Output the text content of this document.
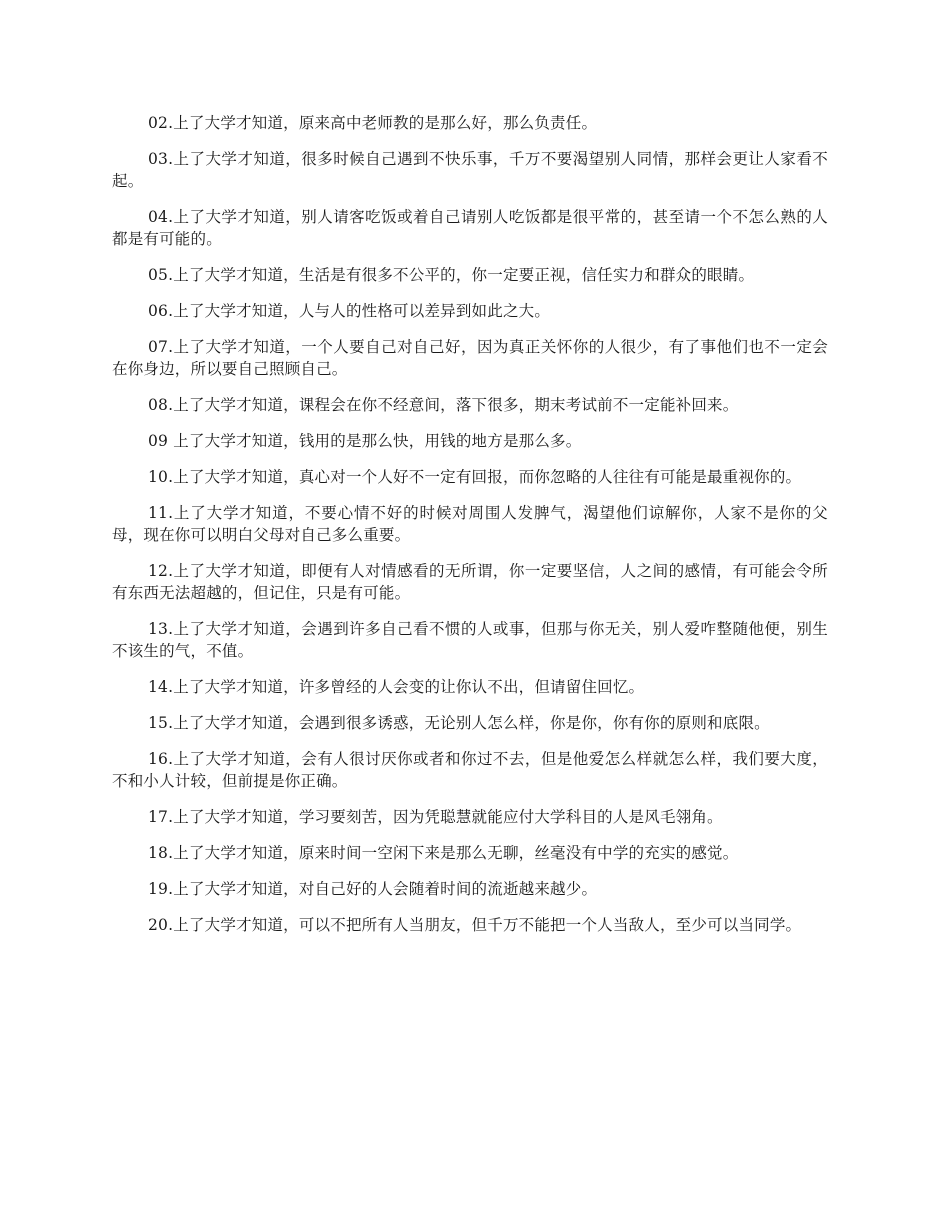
02.上了大学才知道，原来高中老师教的是那么好，那么负责任。

03.上了大学才知道，很多时候自己遇到不快乐事，千万不要渴望别人同情，那样会更让人家看不起。

04.上了大学才知道，别人请客吃饭或着自己请别人吃饭都是很平常的，甚至请一个不怎么熟的人都是有可能的。

05.上了大学才知道，生活是有很多不公平的，你一定要正视，信任实力和群众的眼睛。

06.上了大学才知道，人与人的性格可以差异到如此之大。

07.上了大学才知道，一个人要自己对自己好，因为真正关怀你的人很少，有了事他们也不一定会在你身边，所以要自己照顾自己。

08.上了大学才知道，课程会在你不经意间，落下很多，期末考试前不一定能补回来。

09 上了大学才知道，钱用的是那么快，用钱的地方是那么多。

10.上了大学才知道，真心对一个人好不一定有回报，而你忽略的人往往有可能是最重视你的。

11.上了大学才知道，不要心情不好的时候对周围人发脾气，渴望他们谅解你，人家不是你的父母，现在你可以明白父母对自己多么重要。

12.上了大学才知道，即便有人对情感看的无所谓，你一定要坚信，人之间的感情，有可能会令所有东西无法超越的，但记住，只是有可能。

13.上了大学才知道，会遇到许多自己看不惯的人或事，但那与你无关，别人爱咋整随他便，别生不该生的气，不值。

14.上了大学才知道，许多曾经的人会变的让你认不出，但请留住回忆。

15.上了大学才知道，会遇到很多诱惑，无论别人怎么样，你是你，你有你的原则和底限。

16.上了大学才知道，会有人很讨厌你或者和你过不去，但是他爱怎么样就怎么样，我们要大度，不和小人计较，但前提是你正确。

17.上了大学才知道，学习要刻苦，因为凭聪慧就能应付大学科目的人是风毛翎角。

18.上了大学才知道，原来时间一空闲下来是那么无聊，丝毫没有中学的充实的感觉。

19.上了大学才知道，对自己好的人会随着时间的流逝越来越少。

20.上了大学才知道，可以不把所有人当朋友，但千万不能把一个人当敌人，至少可以当同学。
